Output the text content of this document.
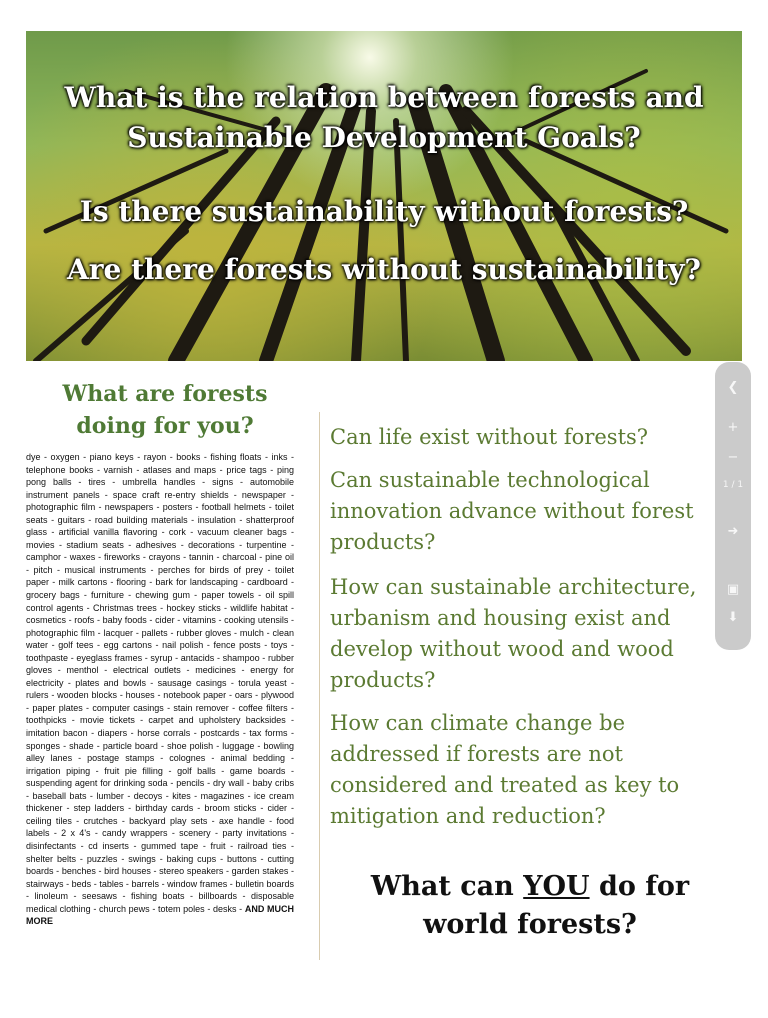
What is the relation between forests and
Sustainable Development Goals?
Is there sustainability without forests?
Are there forests without sustainability?
What are forests
doing for you?
dye - oxygen - piano keys - rayon - books - fishing floats - inks - telephone books - varnish - atlases and maps - price tags - ping pong balls - tires - umbrella handles - signs - automobile instrument panels - space craft re-entry shields - newspaper - photographic film - newspapers - posters - football helmets - toilet seats - guitars - road building materials - insulation - shatterproof glass - artificial vanilla flavoring - cork - vacuum cleaner bags - movies - stadium seats - adhesives - decorations - turpentine - camphor - waxes - fireworks - crayons - tannin - charcoal - pine oil - pitch - musical instruments - perches for birds of prey - toilet paper - milk cartons - flooring - bark for landscaping - cardboard - grocery bags - furniture - chewing gum - paper towels - oil spill control agents - Christmas trees - hockey sticks - wildlife habitat - cosmetics - roofs - baby foods - cider - vitamins - cooking utensils - photographic film - lacquer - pallets - rubber gloves - mulch - clean water - golf tees - egg cartons - nail polish - fence posts - toys - toothpaste - eyeglass frames - syrup - antacids - shampoo - rubber gloves - menthol - electrical outlets - medicines - energy for electricity - plates and bowls - sausage casings - torula yeast - rulers - wooden blocks - houses - notebook paper - oars - plywood - paper plates - computer casings - stain remover - coffee filters - toothpicks - movie tickets - carpet and upholstery backsides - imitation bacon - diapers - horse corrals - postcards - tax forms - sponges - shade - particle board - shoe polish - luggage - bowling alley lanes - postage stamps - colognes - animal bedding - irrigation piping - fruit pie filling - golf balls - game boards - suspending agent for drinking soda - pencils - dry wall - baby cribs - baseball bats - lumber - decoys - kites - magazines - ice cream thickener - step ladders - birthday cards - broom sticks - cider - ceiling tiles - crutches - backyard play sets - axe handle - food labels - 2 x 4's - candy wrappers - scenery - party invitations - disinfectants - cd inserts - gummed tape - fruit - railroad ties - shelter belts - puzzles - swings - baking cups - buttons - cutting boards - benches - bird houses - stereo speakers - garden stakes - stairways - beds - tables - barrels - window frames - bulletin boards - linoleum - seesaws - fishing boats - billboards - disposable medical clothing - church pews - totem poles - desks - AND MUCH MORE
Can life exist without forests?
Can sustainable technological innovation advance without forest products?
How can sustainable architecture, urbanism and housing exist and develop without wood and wood products?
How can climate change be addressed if forests are not considered and treated as key to mitigation and reduction?
What can YOU do for world forests?
❮
+
−
1 / 1
➜
▣
⬇
